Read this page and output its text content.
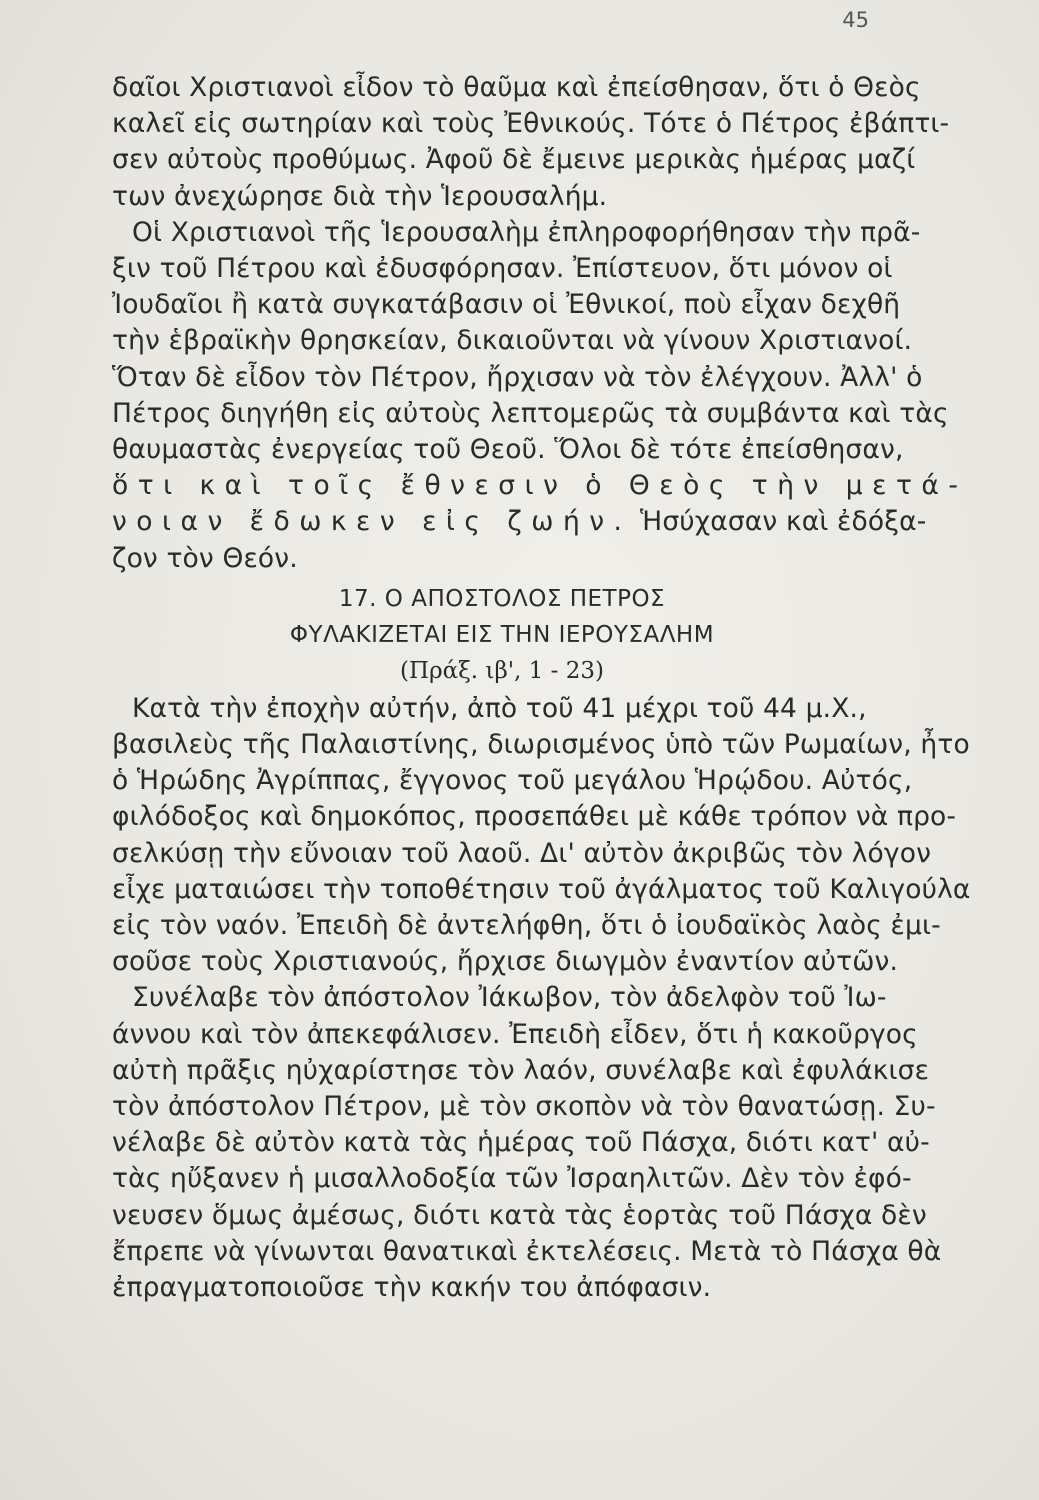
45
δαῖοι Χριστιανοὶ εἶδον τὸ θαῦμα καὶ ἐπείσθησαν, ὅτι ὁ Θεὸς
καλεῖ εἰς σωτηρίαν καὶ τοὺς Ἐθνικούς. Τότε ὁ Πέτρος ἐβάπτι-
σεν αὐτοὺς προθύμως. Ἀφοῦ δὲ ἔμεινε μερικὰς ἡμέρας μαζί
των ἀνεχώρησε διὰ τὴν Ἱερουσαλήμ.
Οἱ Χριστιανοὶ τῆς Ἱερουσαλὴμ ἐπληροφορήθησαν τὴν πρᾶ-
ξιν τοῦ Πέτρου καὶ ἐδυσφόρησαν. Ἐπίστευον, ὅτι μόνον οἱ
Ἰουδαῖοι ἢ κατὰ συγκατάβασιν οἱ Ἐθνικοί, ποὺ εἶχαν δεχθῆ
τὴν ἑβραϊκὴν θρησκείαν, δικαιοῦνται νὰ γίνουν Χριστιανοί.
Ὅταν δὲ εἶδον τὸν Πέτρον, ἤρχισαν νὰ τὸν ἐλέγχουν. Ἀλλ' ὁ
Πέτρος διηγήθη εἰς αὐτοὺς λεπτομερῶς τὰ συμβάντα καὶ τὰς
θαυμαστὰς ἐνεργείας τοῦ Θεοῦ. Ὅλοι δὲ τότε ἐπείσθησαν,
ὅτι καὶ τοῖς ἔθνεσιν ὁ Θεὸς τὴν μετά-
νοιαν ἔδωκεν εἰς ζωήν. Ἡσύχασαν καὶ ἐδόξα-
ζον τὸν Θεόν.
17. Ο ΑΠΟΣΤΟΛΟΣ ΠΕΤΡΟΣ
ΦΥΛΑΚΙΖΕΤΑΙ ΕΙΣ ΤΗΝ ΙΕΡΟΥΣΑΛΗΜ
(Πράξ. ιβ', 1 - 23)
Κατὰ τὴν ἐποχὴν αὐτήν, ἀπὸ τοῦ 41 μέχρι τοῦ 44 μ.Χ.,
βασιλεὺς τῆς Παλαιστίνης, διωρισμένος ὑπὸ τῶν Ρωμαίων, ἦτο
ὁ Ἡρώδης Ἀγρίππας, ἔγγονος τοῦ μεγάλου Ἡρῴδου. Αὐτός,
φιλόδοξος καὶ δημοκόπος, προσεπάθει μὲ κάθε τρόπον νὰ προ-
σελκύσῃ τὴν εὔνοιαν τοῦ λαοῦ. Δι' αὐτὸν ἀκριβῶς τὸν λόγον
εἶχε ματαιώσει τὴν τοποθέτησιν τοῦ ἀγάλματος τοῦ Καλιγούλα
εἰς τὸν ναόν. Ἐπειδὴ δὲ ἀντελήφθη, ὅτι ὁ ἰουδαϊκὸς λαὸς ἐμι-
σοῦσε τοὺς Χριστιανούς, ἤρχισε διωγμὸν ἐναντίον αὐτῶν.
Συνέλαβε τὸν ἀπόστολον Ἰάκωβον, τὸν ἀδελφὸν τοῦ Ἰω-
άννου καὶ τὸν ἀπεκεφάλισεν. Ἐπειδὴ εἶδεν, ὅτι ἡ κακοῦργος
αὐτὴ πρᾶξις ηὐχαρίστησε τὸν λαόν, συνέλαβε καὶ ἐφυλάκισε
τὸν ἀπόστολον Πέτρον, μὲ τὸν σκοπὸν νὰ τὸν θανατώσῃ. Συ-
νέλαβε δὲ αὐτὸν κατὰ τὰς ἡμέρας τοῦ Πάσχα, διότι κατ' αὐ-
τὰς ηὔξανεν ἡ μισαλλοδοξία τῶν Ἰσραηλιτῶν. Δὲν τὸν ἐφό-
νευσεν ὅμως ἀμέσως, διότι κατὰ τὰς ἑορτὰς τοῦ Πάσχα δὲν
ἔπρεπε νὰ γίνωνται θανατικαὶ ἐκτελέσεις. Μετὰ τὸ Πάσχα θὰ
ἐπραγματοποιοῦσε τὴν κακήν του ἀπόφασιν.
